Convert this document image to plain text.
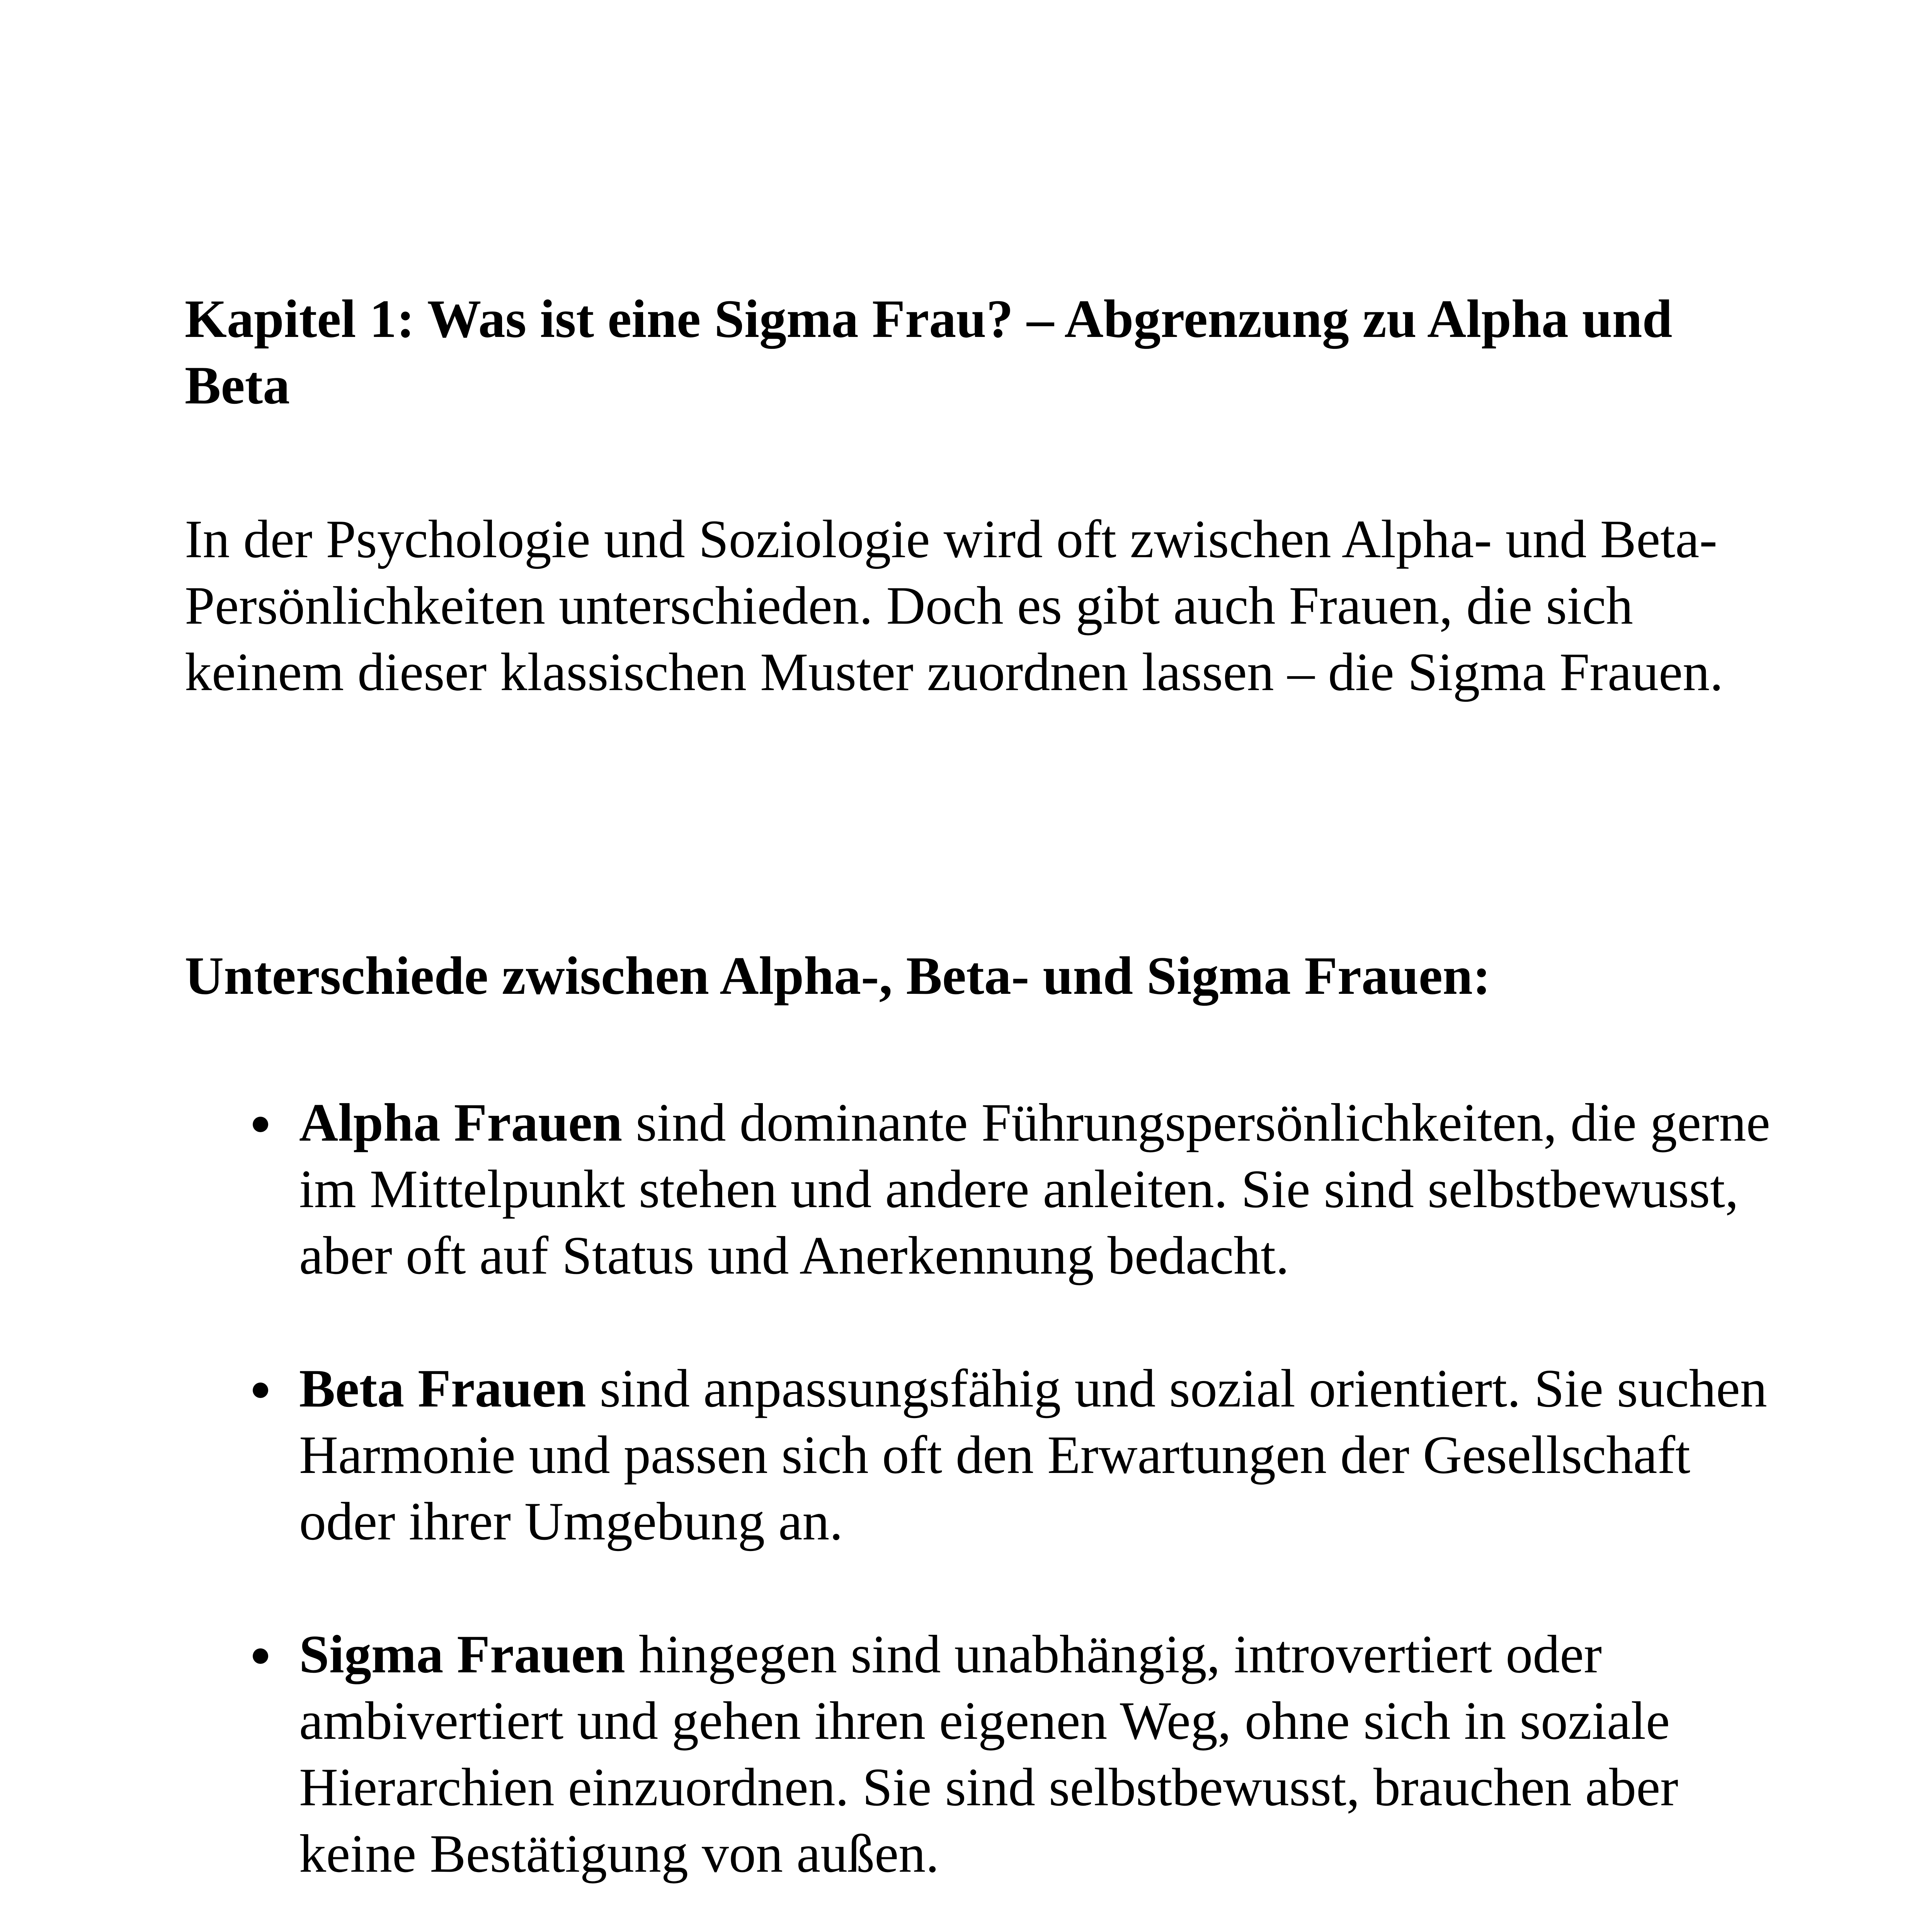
Kapitel 1: Was ist eine Sigma Frau? – Abgrenzung zu Alpha und Beta

In der Psychologie und Soziologie wird oft zwischen Alpha- und Beta-Persönlichkeiten unterschieden. Doch es gibt auch Frauen, die sich keinem dieser klassischen Muster zuordnen lassen – die Sigma Frauen.

Unterschiede zwischen Alpha-, Beta- und Sigma Frauen:
Alpha Frauen sind dominante Führungspersönlichkeiten, die gerne im Mittelpunkt stehen und andere anleiten. Sie sind selbstbewusst, aber oft auf Status und Anerkennung bedacht.
Beta Frauen sind anpassungsfähig und sozial orientiert. Sie suchen Harmonie und passen sich oft den Erwartungen der Gesellschaft oder ihrer Umgebung an.
Sigma Frauen hingegen sind unabhängig, introvertiert oder ambivertiert und gehen ihren eigenen Weg, ohne sich in soziale Hierarchien einzuordnen. Sie sind selbstbewusst, brauchen aber keine Bestätigung von außen.
